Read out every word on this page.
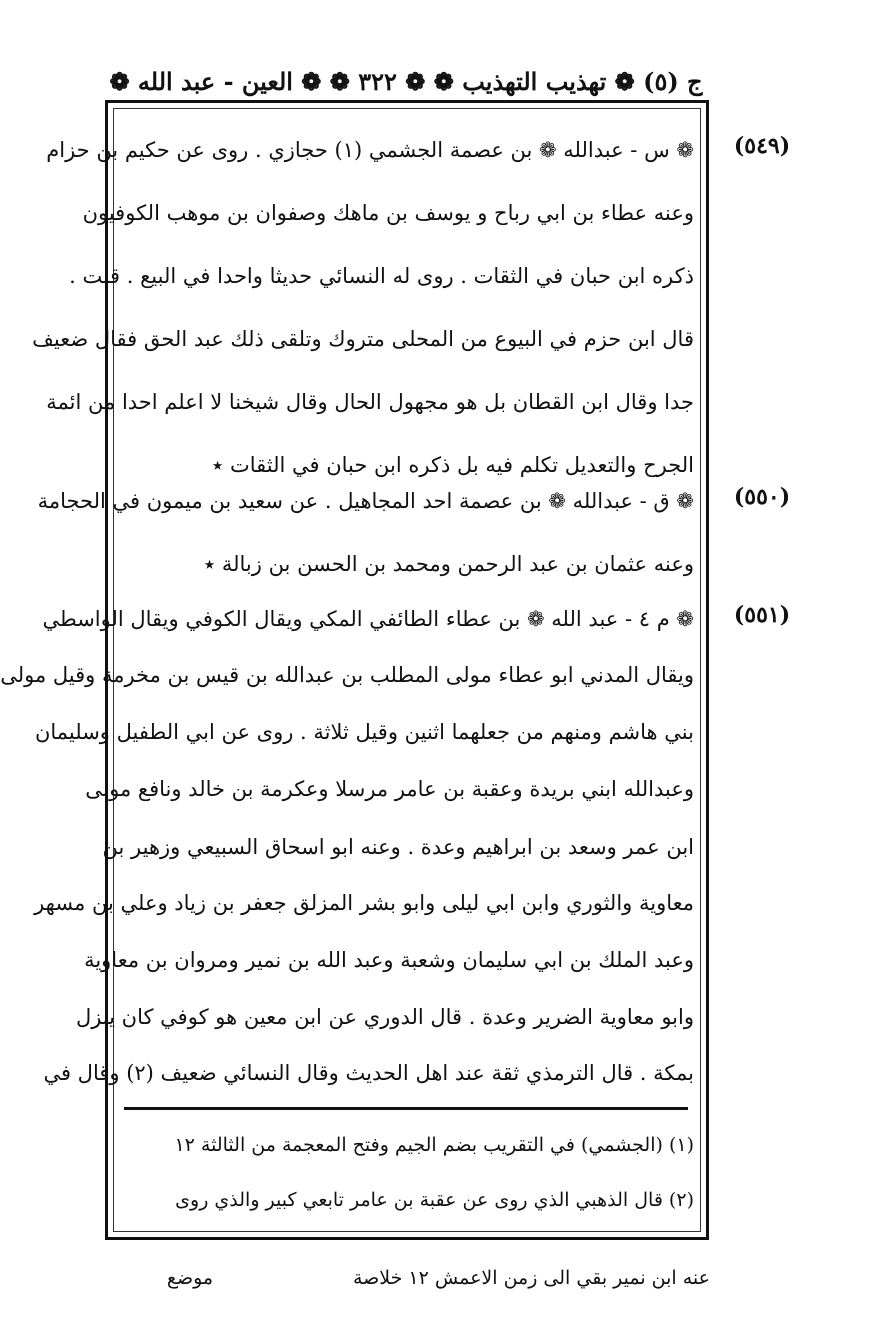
ج (٥) ❁ تهذيب التهذيب ❁ ❁ ٣٢٢ ❁ ❁ العين - عبد الله ❁
(٥٤٩)
❁ س - عبدالله ❁ بن عصمة الجشمي (١) حجازي . روى عن حكيم بن حزام
وعنه عطاء بن ابي رباح و يوسف بن ماهك وصفوان بن موهب الكوفيون
ذكره ابن حبان في الثقات . روى له النسائي حديثا واحدا في البيع . قلت .
قال ابن حزم في البيوع من المحلى متروك وتلقى ذلك عبد الحق فقال ضعيف
جدا وقال ابن القطان بل هو مجهول الحال وقال شيخنا لا اعلم احدا من ائمة
الجرح والتعديل تكلم فيه بل ذكره ابن حبان في الثقات ٭
(٥٥٠)
❁ ق - عبدالله ❁ بن عصمة احد المجاهيل . عن سعيد بن ميمون في الحجامة
وعنه عثمان بن عبد الرحمن ومحمد بن الحسن بن زبالة ٭
(٥٥١)
❁ م ٤ - عبد الله ❁ بن عطاء الطائفي المكي ويقال الكوفي ويقال الواسطي
ويقال المدني ابو عطاء مولى المطلب بن عبدالله بن قيس بن مخرمة وقيل مولى
بني هاشم ومنهم من جعلهما اثنين وقيل ثلاثة . روى عن ابي الطفيل وسليمان
وعبدالله ابني بريدة وعقبة بن عامر مرسلا وعكرمة بن خالد ونافع مولى
ابن عمر وسعد بن ابراهيم وعدة . وعنه ابو اسحاق السبيعي وزهير بن
معاوية والثوري وابن ابي ليلى وابو بشر المزلق جعفر بن زياد وعلي بن مسهر
وعبد الملك بن ابي سليمان وشعبة وعبد الله بن نمير ومروان بن معاوية
وابو معاوية الضرير وعدة . قال الدوري عن ابن معين هو كوفي كان ينزل
بمكة . قال الترمذي ثقة عند اهل الحديث وقال النسائي ضعيف (٢) وقال في
(١) (الجشمي) في التقريب بضم الجيم وفتح المعجمة من الثالثة ١٢
(٢) قال الذهبي الذي روى عن عقبة بن عامر تابعي كبير والذي روى
عنه ابن نمير بقي الى زمن الاعمش ١٢ خلاصة
موضع
